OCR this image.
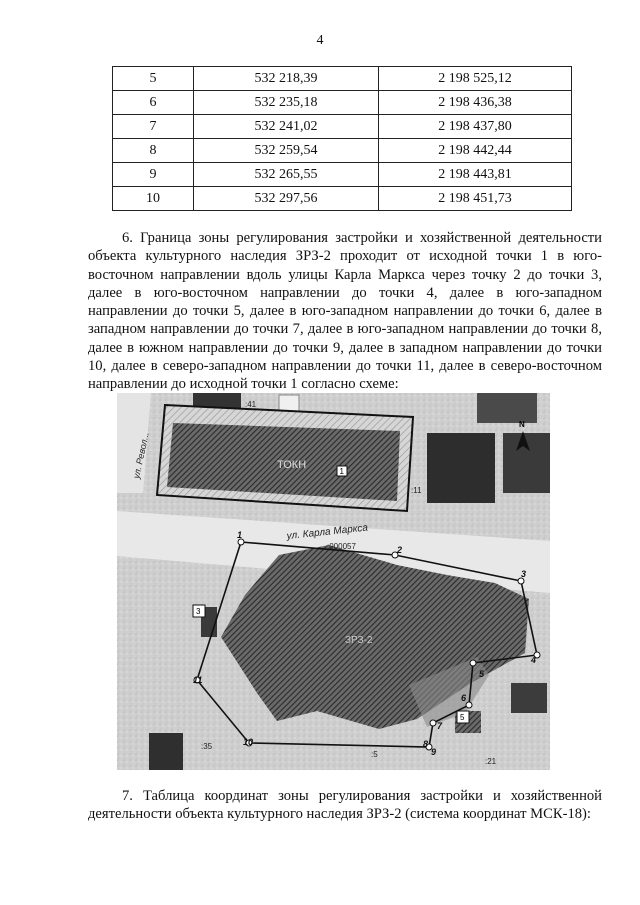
4
5	532 218,39	2 198 525,12
6	532 235,18	2 198 436,38
7	532 241,02	2 198 437,80
8	532 259,54	2 198 442,44
9	532 265,55	2 198 443,81
10	532 297,56	2 198 451,73

6. Граница зоны регулирования застройки и хозяйственной деятельности объекта культурного наследия ЗРЗ-2 проходит от исходной точки 1 в юго-восточном направлении вдоль улицы Карла Маркса через точку 2 до точки 3, далее в юго-восточном направлении до точки 4, далее в юго-западном направлении до точки 5, далее в юго-западном направлении до точки 6, далее в западном направлении до точки 7, далее в юго-западном направлении до точки 8, далее в южном направлении до точки 9, далее в западном направлении до точки 10, далее в северо-западном направлении до точки 11, далее в северо-восточном направлении до исходной точки 1 согласно схеме:

ТОКН
1
ЗРЗ-2
1
2
3
4
5
6
7
8
9
10
11
ул. Карла Маркса
ул. Револ...
:41
:000057
:35
:5
:21
:11
3
5
N

7. Таблица координат зоны регулирования застройки и хозяйственной деятельности объекта культурного наследия ЗРЗ-2 (система координат МСК-18):
